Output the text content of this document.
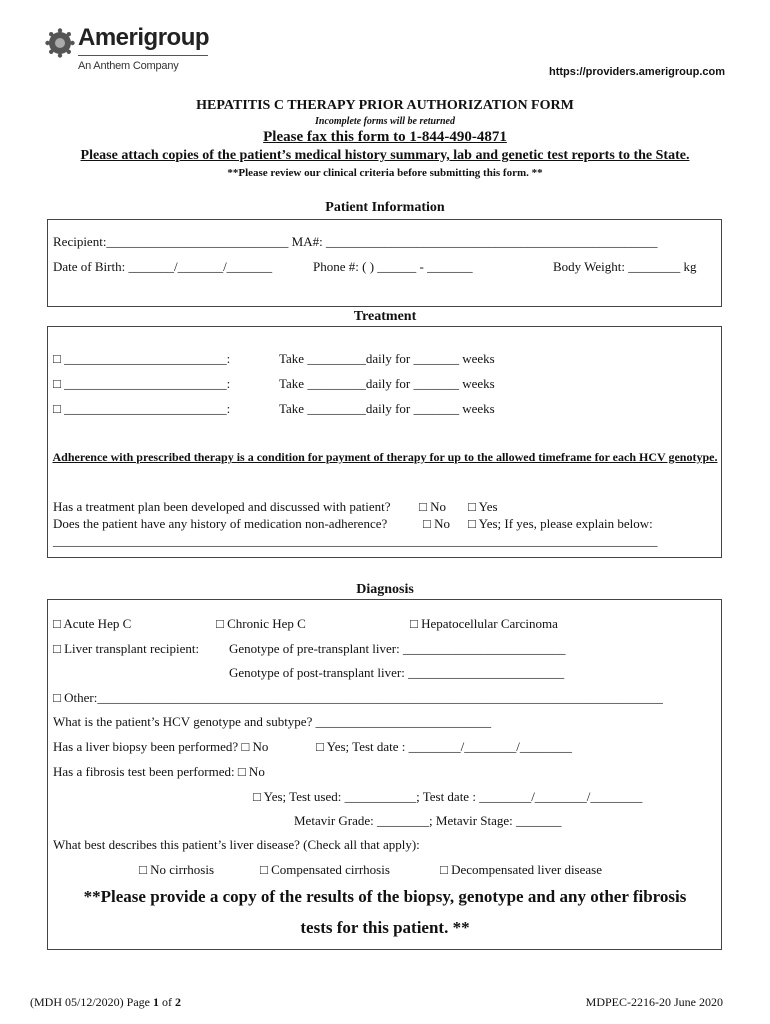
Amerigroup
An Anthem Company	https://providers.amerigroup.com
HEPATITIS C THERAPY PRIOR AUTHORIZATION FORM
Incomplete forms will be returned
Please fax this form to 1-844-490-4871
Please attach copies of the patient’s medical history summary, lab and genetic test reports to the State.
**Please review our clinical criteria before submitting this form. **
Patient Information
Recipient:____________________________ MA#: ___________________________________________________
Date of Birth: _______/_______/_______	Phone #: ( ) ______ - _______	Body Weight: ________ kg
Treatment
□ _________________________:	Take _________daily for _______ weeks
□ _________________________:	Take _________daily for _______ weeks
□ _________________________:	Take _________daily for _______ weeks
Adherence with prescribed therapy is a condition for payment of therapy for up to the allowed timeframe for each HCV genotype.
Has a treatment plan been developed and discussed with patient? □ No □ Yes
Does the patient have any history of medication non-adherence?	□ No □ Yes; If yes, please explain below:
_____________________________________________________________________________________________
Diagnosis
□ Acute Hep C	□ Chronic Hep C	□ Hepatocellular Carcinoma
□ Liver transplant recipient: Genotype of pre-transplant liver: _________________________
Genotype of post-transplant liver: ________________________
□ Other:_______________________________________________________________________________________
What is the patient’s HCV genotype and subtype? ___________________________
Has a liver biopsy been performed? □ No	□ Yes; Test date : ________/________/________
Has a fibrosis test been performed: □ No
□ Yes; Test used: ___________; Test date : ________/________/________
Metavir Grade: ________; Metavir Stage: _______
What best describes this patient’s liver disease? (Check all that apply):
□ No cirrhosis	□ Compensated cirrhosis	□ Decompensated liver disease
**Please provide a copy of the results of the biopsy, genotype and any other fibrosis
tests for this patient. **
(MDH 05/12/2020) Page 1 of 2	MDPEC-2216-20 June 2020
